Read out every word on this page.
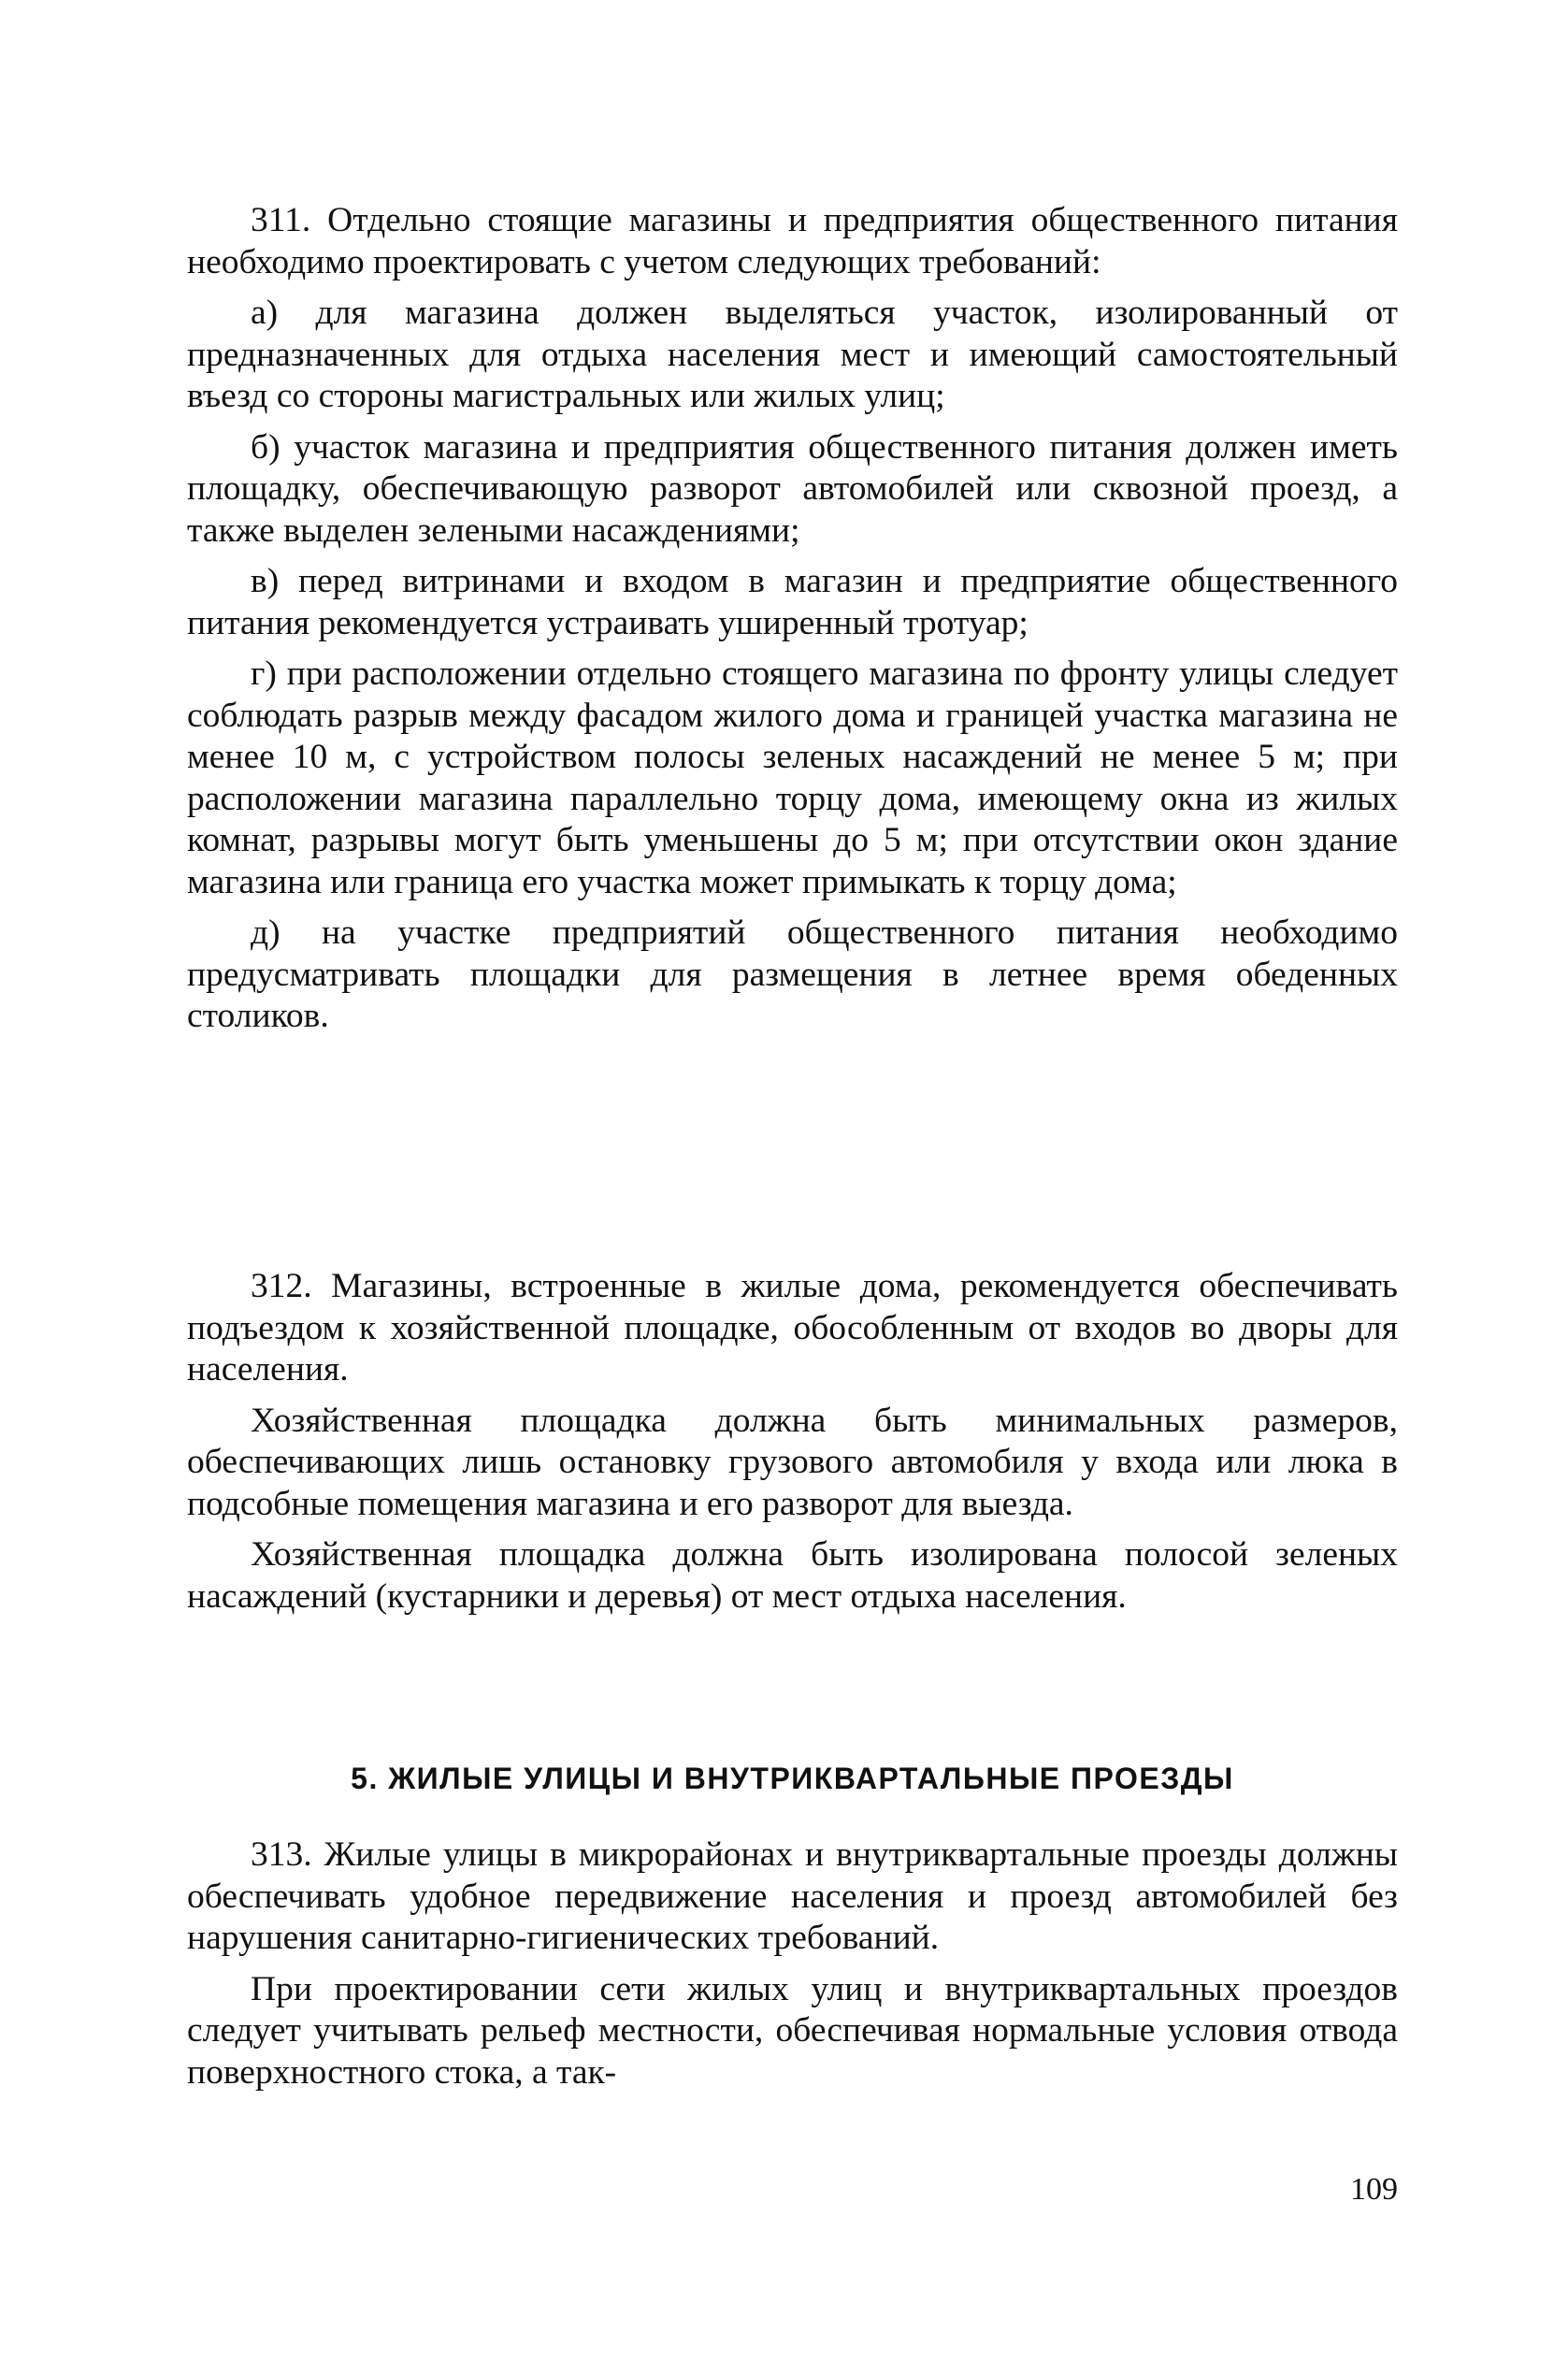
311. Отдельно стоящие магазины и предприятия общественного питания необходимо проектировать с учетом следующих требований:

а) для магазина должен выделяться участок, изолированный от предназначенных для отдыха населения мест и имеющий самостоятельный въезд со стороны магистральных или жилых улиц;

б) участок магазина и предприятия общественного питания должен иметь площадку, обеспечивающую разворот автомобилей или сквозной проезд, а также выделен зелеными насаждениями;

в) перед витринами и входом в магазин и предприятие общественного питания рекомендуется устраивать уширенный тротуар;

г) при расположении отдельно стоящего магазина по фронту улицы следует соблюдать разрыв между фасадом жилого дома и границей участка магазина не менее 10 м, с устройством полосы зеленых насаждений не менее 5 м; при расположении магазина параллельно торцу дома, имеющему окна из жилых комнат, разрывы могут быть уменьшены до 5 м; при отсутствии окон здание магазина или граница его участка может примыкать к торцу дома;

д) на участке предприятий общественного питания необходимо предусматривать площадки для размещения в летнее время обеденных столиков.

312. Магазины, встроенные в жилые дома, рекомендуется обеспечивать подъездом к хозяйственной площадке, обособленным от входов во дворы для населения.

Хозяйственная площадка должна быть минимальных размеров, обеспечивающих лишь остановку грузового автомобиля у входа или люка в подсобные помещения магазина и его разворот для выезда.

Хозяйственная площадка должна быть изолирована полосой зеленых насаждений (кустарники и деревья) от мест отдыха населения.

5. ЖИЛЫЕ УЛИЦЫ И ВНУТРИКВАРТАЛЬНЫЕ ПРОЕЗДЫ

313. Жилые улицы в микрорайонах и внутриквартальные проезды должны обеспечивать удобное передвижение населения и проезд автомобилей без нарушения санитарно-гигиенических требований.

При проектировании сети жилых улиц и внутриквартальных проездов следует учитывать рельеф местности, обеспечивая нормальные условия отвода поверхностного стока, а так-

109
